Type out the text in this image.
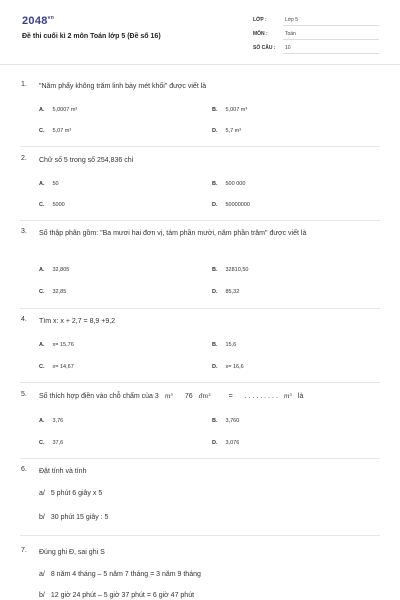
$2048^{vn}$
Đề thi cuối kì 2 môn Toán lớp 5 (Đề số 16)
LỚP :	Lớp 5
MÔN :	Toán
SỐ CÂU : 10
1. "Năm phẩy không trăm linh bảy mét khối" được viết là
A. 5,0007 m³	B. 5,007 m³
C. 5,07 m³	D. 5,7 m³
2. Chữ số 5 trong số 254,836 chỉ
A. 50	B. 500 000
C. 5000	D. 50000000
3. Số thập phân gồm: "Ba mươi hai đơn vị, tám phần mười, năm phần trăm" được viết là
A. 32,805	B. 32810,50
C. 32,85	D. 85,32
4. Tìm x: x + 2,7 = 8,9 +9,2
A. x= 15,76	B. 15,6
C. x= 14,67	D. x= 16,6
5. Số thích hợp điền vào chỗ chấm của 3 m³ 76 dm³	= . . . . . . . . . m³ là
A. 3,76	B. 3,760
C. 37,6	D. 3,076
6. Đặt tính và tính
a/ 5 phút 6 giây x 5
b/ 30 phút 15 giây : 5
7. Đúng ghi Đ, sai ghi S
a/ 8 năm 4 tháng – 5 năm 7 tháng = 3 năm 9 tháng
b/ 12 giờ 24 phút – 5 giờ 37 phút = 6 giờ 47 phút
